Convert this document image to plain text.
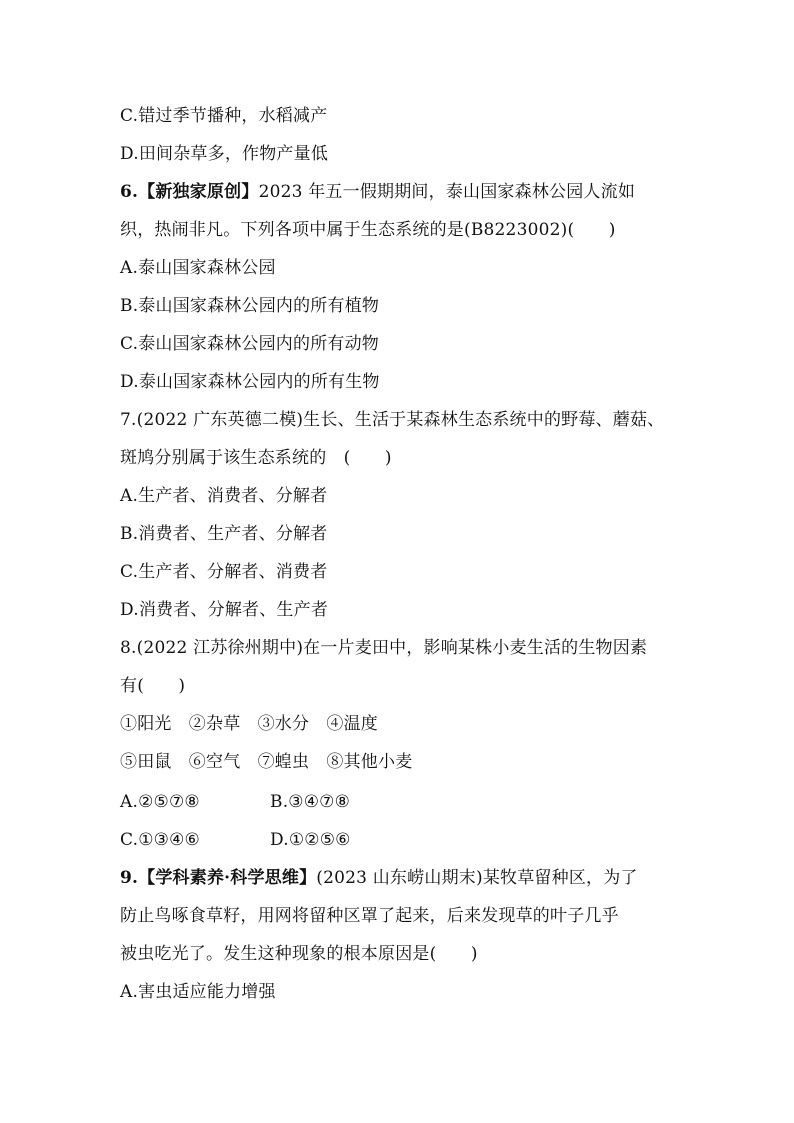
C.错过季节播种，水稻减产
D.田间杂草多，作物产量低
6.【新独家原创】2023 年五一假期期间，泰山国家森林公园人流如
织，热闹非凡。下列各项中属于生态系统的是(B8223002)(　　)
A.泰山国家森林公园
B.泰山国家森林公园内的所有植物
C.泰山国家森林公园内的所有动物
D.泰山国家森林公园内的所有生物
7.(2022 广东英德二模)生长、生活于某森林生态系统中的野莓、蘑菇、
斑鸠分别属于该生态系统的　(　　)
A.生产者、消费者、分解者
B.消费者、生产者、分解者
C.生产者、分解者、消费者
D.消费者、分解者、生产者
8.(2022 江苏徐州期中)在一片麦田中，影响某株小麦生活的生物因素
有(　　)
①阳光　②杂草　③水分　④温度
⑤田鼠　⑥空气　⑦蝗虫　⑧其他小麦
A.②⑤⑦⑧	B.③④⑦⑧
C.①③④⑥	D.①②⑤⑥
9.【学科素养·科学思维】(2023 山东崂山期末)某牧草留种区，为了
防止鸟啄食草籽，用网将留种区罩了起来，后来发现草的叶子几乎
被虫吃光了。发生这种现象的根本原因是(　　)
A.害虫适应能力增强
